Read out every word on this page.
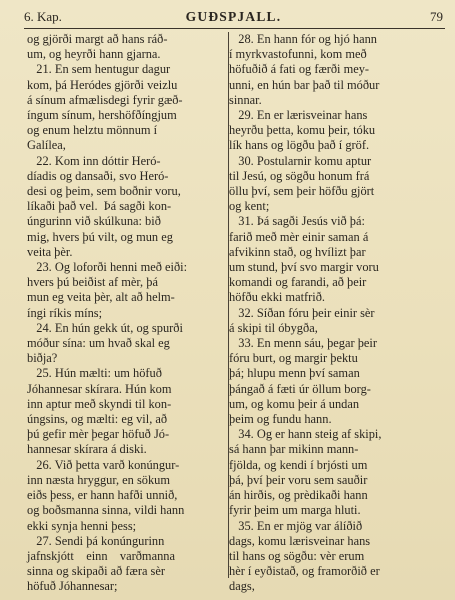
6. Kap.	GUÐSPJALL.	79

og gjörði margt að hans ráð-

um, og heyrði hann gjarna.

21. En sem hentugur dagur

kom, þá Heródes gjörði veizlu

á sínum afmælisdegi fyrir gæð-

íngum sínum, hershöfðíngjum

og enum helztu mönnum í

Galílea,

22. Kom inn dóttir Heró-

díadis og dansaði, svo Heró-

desi og þeim, sem boðnir voru,

líkaði það vel.  Þá sagði kon-

úngurinn við skúlkuna: bið

mig, hvers þú vilt, og mun eg

veita þèr.

23. Og loforði henni með eiði:

hvers þú beiðist af mèr, þá

mun eg veita þèr, alt að helm-

íngi ríkis míns;

24. En hún gekk út, og spurði

móður sína: um hvað skal eg

biðja?

25. Hún mælti: um höfuð

Jóhannesar skírara. Hún kom

inn aptur með skyndi til kon-

úngsins, og mælti: eg vil, að

þú gefir mèr þegar höfuð Jó-

hannesar skírara á diski.

26. Við þetta varð konúngur-

inn næsta hryggur, en sökum

eiðs þess, er hann hafði unnið,

og boðsmanna sinna, vildi hann

ekki synja henni þess;

27. Sendi þá konúngurinn

jafnskjótt    einn    varðmanna

sinna og skipaði að færa sèr

höfuð Jóhannesar;

28. En hann fór og hjó hann

í myrkvastofunni, kom með

höfuðið á fati og færði mey-

unni, en hún bar það til móður

sinnar.

29. En er lærisveinar hans

heyrðu þetta, komu þeir, tóku

lík hans og lögðu það í gröf.

30. Postularnir komu aptur

til Jesú, og sögðu honum frá

öllu því, sem þeir höfðu gjört

og kent;

31. Þá sagði Jesús við þá:

farið með mèr einir saman á

afvikinn stað, og hvílizt þar

um stund, því svo margir voru

komandi og farandi, að þeir

höfðu ekki matfrið.

32. Síðan fóru þeir einir sèr

á skipi til óbygða,

33. En menn sáu, þegar þeir

fóru burt, og margir þektu

þá; hlupu menn því saman

þángað á fæti úr öllum borg-

um, og komu þeir á undan

þeim og fundu hann.

34. Og er hann steig af skipi,

sá hann þar mikinn mann-

fjölda, og kendi í brjósti um

þá, því þeir voru sem sauðir

án hirðis, og prèdikaði hann

fyrir þeim um marga hluti.

35. En er mjög var álíðið

dags, komu lærisveinar hans

til hans og sögðu: vèr erum

hèr í eyðistað, og framorðið er

dags,
